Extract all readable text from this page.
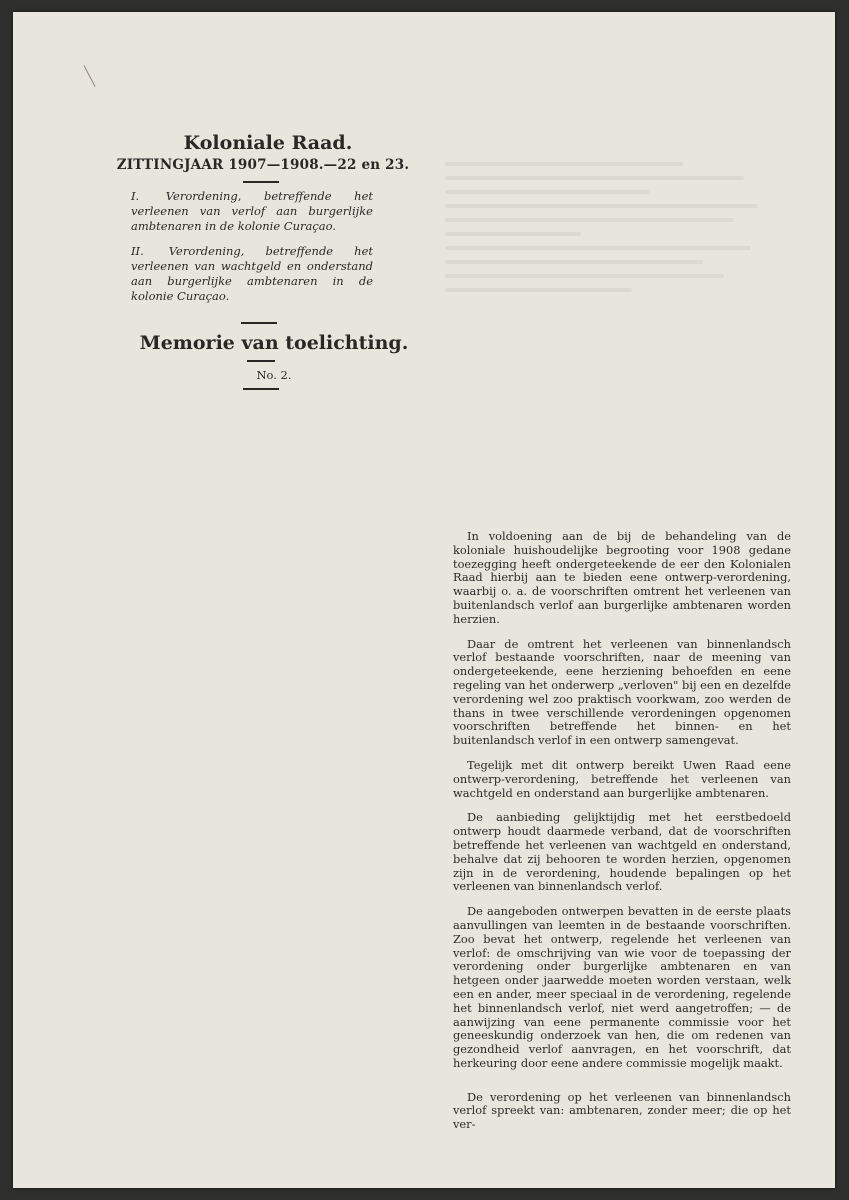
Koloniale Raad.
ZITTINGJAAR 1907—1908.—22 en 23.
I. Verordening, betreffende het verleenen van verlof aan burgerlijke ambtenaren in de kolonie Curaçao.
II. Verordening, betreffende het verleenen van wachtgeld en onderstand aan burgerlijke ambtenaren in de kolonie Curaçao.
Memorie van toelichting.
No. 2.

In voldoening aan de bij de behandeling van de koloniale huishoudelijke begrooting voor 1908 gedane toezegging heeft ondergeteekende de eer den Kolonialen Raad hierbij aan te bieden eene ontwerp-verordening, waarbij o. a. de voorschriften omtrent het verleenen van buitenlandsch verlof aan burgerlijke ambtenaren worden herzien.

Daar de omtrent het verleenen van binnenlandsch verlof bestaande voorschriften, naar de meening van ondergeteekende, eene herziening behoefden en eene regeling van het onderwerp „verloven" bij een en dezelfde verordening wel zoo praktisch voorkwam, zoo werden de thans in twee verschillende verordeningen opgenomen voorschriften betreffende het binnen- en het buitenlandsch verlof in een ontwerp samengevat.

Tegelijk met dit ontwerp bereikt Uwen Raad eene ontwerp-verordening, betreffende het verleenen van wachtgeld en onderstand aan burgerlijke ambtenaren.

De aanbieding gelijktijdig met het eerstbedoeld ontwerp houdt daarmede verband, dat de voorschriften betreffende het verleenen van wachtgeld en onderstand, behalve dat zij behooren te worden herzien, opgenomen zijn in de verordening, houdende bepalingen op het verleenen van binnenlandsch verlof.

De aangeboden ontwerpen bevatten in de eerste plaats aanvullingen van leemten in de bestaande voorschriften. Zoo bevat het ontwerp, regelende het verleenen van verlof: de omschrijving van wie voor de toepassing der verordening onder burgerlijke ambtenaren en van hetgeen onder jaarwedde moeten worden verstaan, welk een en ander, meer speciaal in de verordening, regelende het binnenlandsch verlof, niet werd aangetroffen; — de aanwijzing van eene permanente commissie voor het geneeskundig onderzoek van hen, die om redenen van gezondheid verlof aanvragen, en het voorschrift, dat herkeuring door eene andere commissie mogelijk maakt.

De verordening op het verleenen van binnenlandsch verlof spreekt van: ambtenaren, zonder meer; die op het ver-
